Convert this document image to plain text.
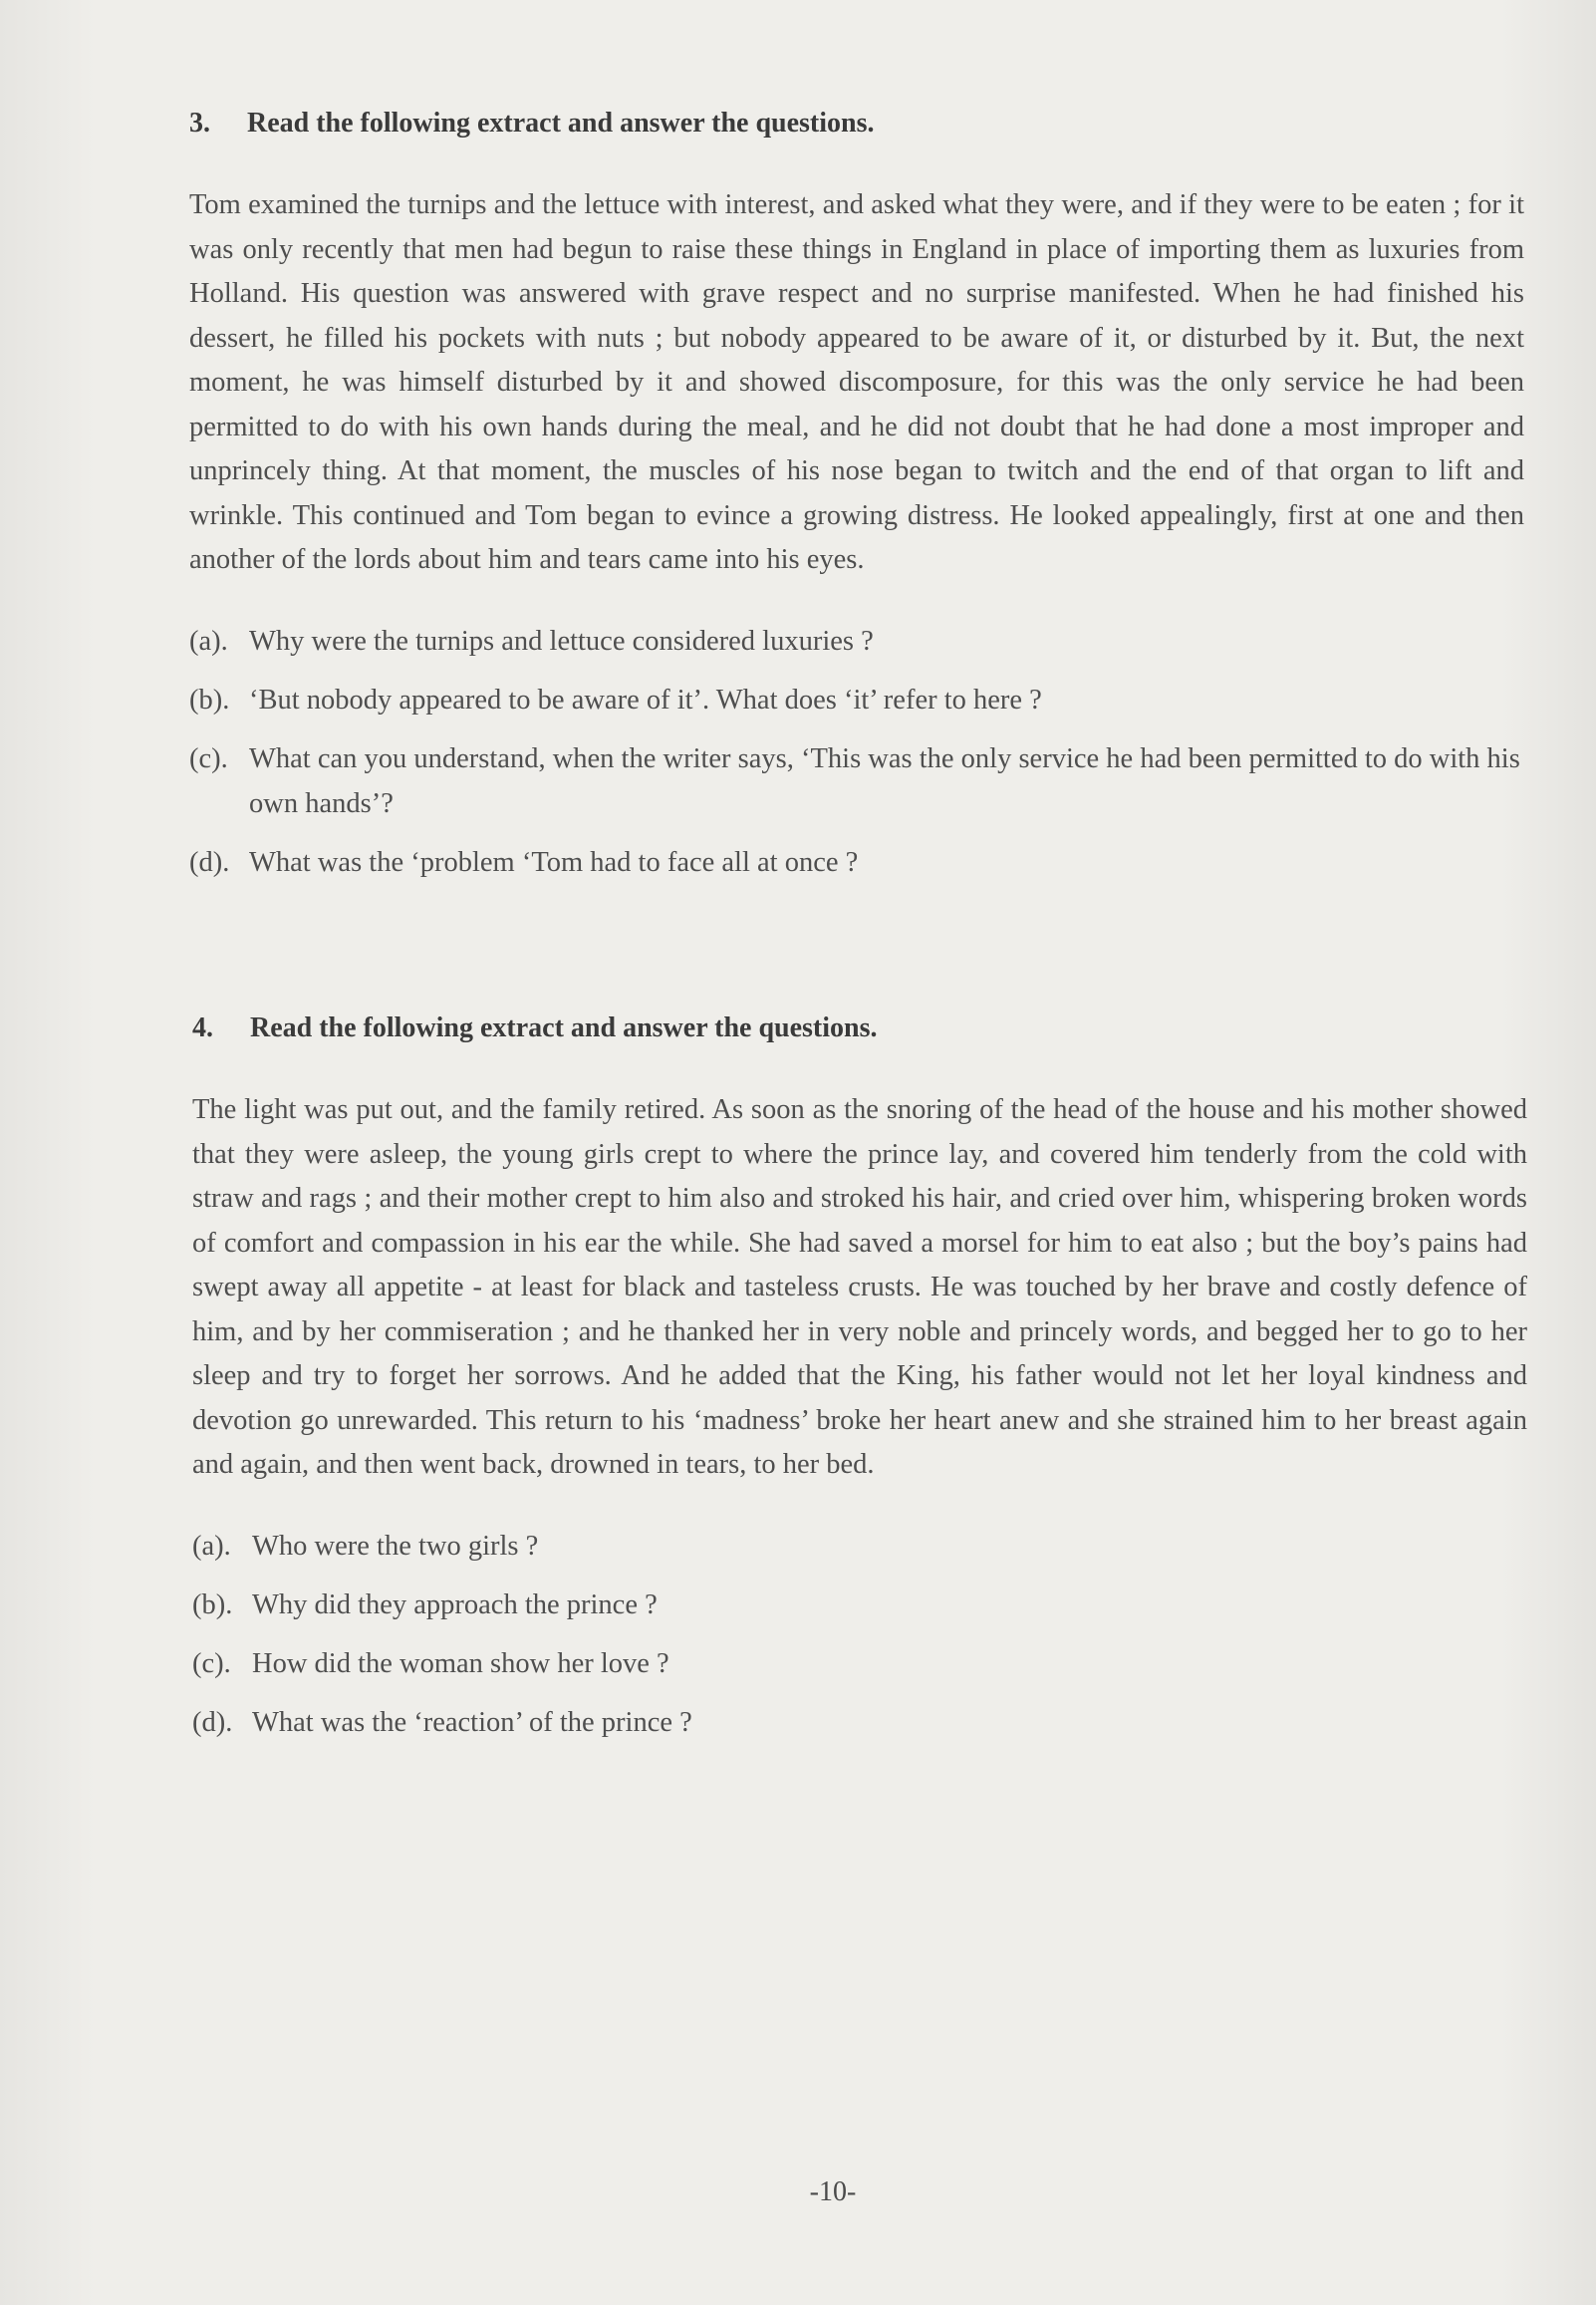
3.	Read the following extract and answer the questions.

Tom examined the turnips and the lettuce with interest, and asked what they were, and if they were to be eaten ; for it was only recently that men had begun to raise these things in England in place of importing them as luxuries from Holland. His question was answered with grave respect and no surprise manifested. When he had finished his dessert, he filled his pockets with nuts ; but nobody appeared to be aware of it, or disturbed by it. But, the next moment, he was himself disturbed by it and showed discomposure, for this was the only service he had been permitted to do with his own hands during the meal, and he did not doubt that he had done a most improper and unprincely thing. At that moment, the muscles of his nose began to twitch and the end of that organ to lift and wrinkle. This continued and Tom began to evince a growing distress. He looked appealingly, first at one and then another of the lords about him and tears came into his eyes.

(a). Why were the turnips and lettuce considered luxuries ?
(b). ‘But nobody appeared to be aware of it’. What does ‘it’ refer to here ?
(c). What can you understand, when the writer says, ‘This was the only service he had been permitted to do with his own hands’?
(d). What was the ‘problem ‘Tom had to face all at once ?
4.	Read the following extract and answer the questions.

The light was put out, and the family retired. As soon as the snoring of the head of the house and his mother showed that they were asleep, the young girls crept to where the prince lay, and covered him tenderly from the cold with straw and rags ; and their mother crept to him also and stroked his hair, and cried over him, whispering broken words of comfort and compassion in his ear the while. She had saved a morsel for him to eat also ; but the boy’s pains had swept away all appetite - at least for black and tasteless crusts. He was touched by her brave and costly defence of him, and by her commiseration ; and he thanked her in very noble and princely words, and begged her to go to her sleep and try to forget her sorrows. And he added that the King, his father would not let her loyal kindness and devotion go unrewarded. This return to his ‘madness’ broke her heart anew and she strained him to her breast again and again, and then went back, drowned in tears, to her bed.

(a). Who were the two girls ?
(b). Why did they approach the prince ?
(c). How did the woman show her love ?
(d). What was the ‘reaction’ of the prince ?
-10-
